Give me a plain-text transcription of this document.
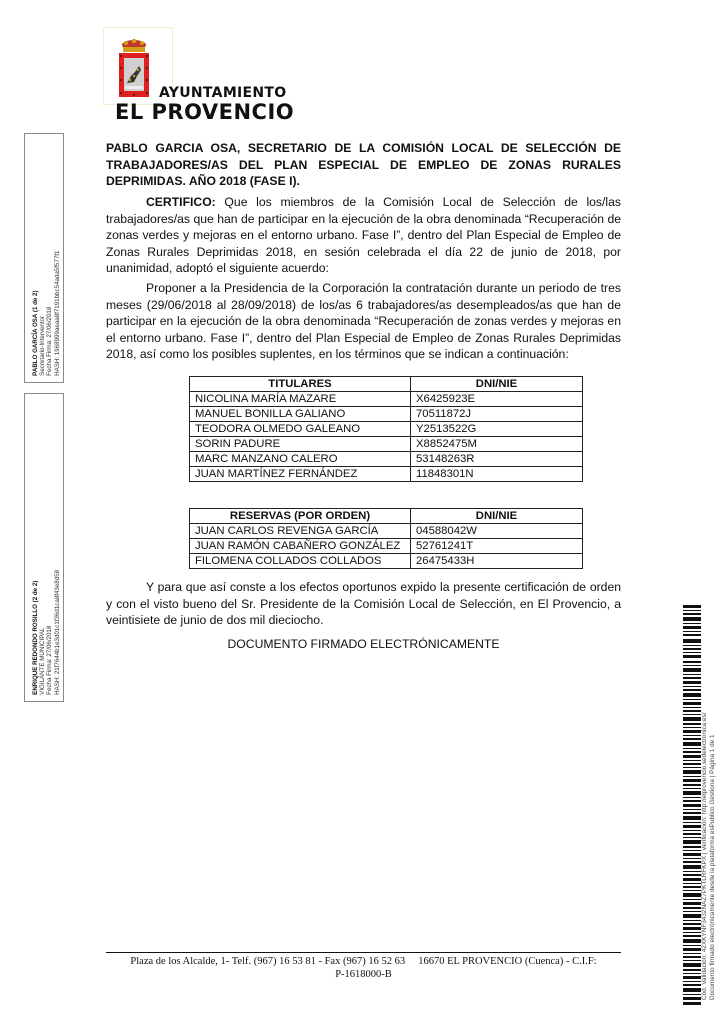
AYUNTAMIENTO
EL PROVENCIO
PABLO GARCIA OSA, SECRETARIO DE LA COMISIÓN LOCAL DE SELECCIÓN DE TRABAJADORES/AS DEL PLAN ESPECIAL DE EMPLEO DE ZONAS RURALES DEPRIMIDAS. AÑO 2018 (FASE I).
CERTIFICO: Que los miembros de la Comisión Local de Selección de los/las trabajadores/as que han de participar en la ejecución de la obra denominada “Recuperación de zonas verdes y mejoras en el entorno urbano. Fase I”, dentro del Plan Especial de Empleo de Zonas Rurales Deprimidas 2018, en sesión celebrada el día 22 de junio de 2018, por unanimidad, adoptó el siguiente acuerdo:
Proponer a la Presidencia de la Corporación la contratación durante un periodo de tres meses (29/06/2018 al 28/09/2018) de los/as 6 trabajadores/as desempleados/as que han de participar en la ejecución de la obra denominada “Recuperación de zonas verdes y mejoras en el entorno urbano. Fase I”, dentro del Plan Especial de Empleo de Zonas Rurales Deprimidas 2018, así como los posibles suplentes, en los términos que se indican a continuación:
TITULARES	DNI/NIE
NICOLINA MARÍA MAZARE	X6425923E
MANUEL BONILLA GALIANO	70511872J
TEODORA OLMEDO GALEANO	Y2513522G
SORIN PADURE	X8852475M
MARC MANZANO CALERO	53148263R
JUAN MARTÍNEZ FERNÁNDEZ	11848301N
RESERVAS (POR ORDEN)	DNI/NIE
JUAN CARLOS REVENGA GARCÍA	04588042W
JUAN RAMÓN CABAÑERO GONZÁLEZ	52761241T
FILOMENA COLLADOS COLLADOS	26475433H
Y para que así conste a los efectos oportunos expido la presente certificación de orden y con el visto bueno del Sr. Presidente de la Comisión Local de Selección, en El Provencio, a veintisiete de junio de dos mil dieciocho.
DOCUMENTO FIRMADO ELECTRÓNICAMENTE
Plaza de los Alcalde, 1- Telf. (967) 16 53 81 - Fax (967) 16 52 63     16670 EL PROVENCIO (Cuenca) - C.I.F:
P-1618000-B
PABLO GARCÍA OSA (1 de 2) Secretario-Interventor Fecha Firma: 27/06/2018 HASH: 1968999aeaa8f7191bbc54ada5f577f1
ENRIQUE REDONDO ROSILLO (2 de 2) VIGILANTE MUNICIPAL Fecha Firma: 27/06/2018 HASH: 21f7644b1e3d01c1f36d1ca8f43e8d58
Cód. Validación: 42XKYNF3432NAZ7PKTLRFKPX | Verificación: http://elprovencio.sedelectronica.es/ Documento firmado electrónicamente desde la plataforma esPublico Gestiona | Página 1 de 1
